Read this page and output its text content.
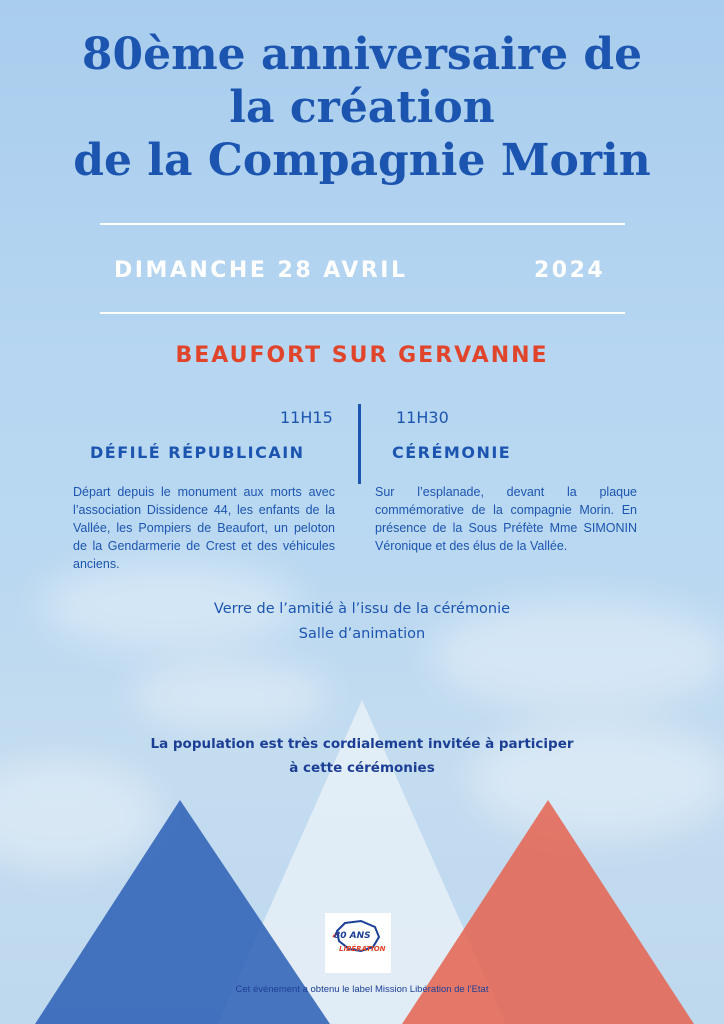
80ème anniversaire de
la création
de la Compagnie Morin
DIMANCHE 28 AVRIL	2024
BEAUFORT SUR GERVANNE
11H15	11H30
DÉFILÉ RÉPUBLICAIN	CÉRÉMONIE

Départ depuis le monument aux morts avec l’association Dissidence 44, les enfants de la Vallée, les Pompiers de Beaufort, un peloton de la Gendarmerie de Crest et des véhicules anciens.

Sur l’esplanade, devant la plaque commémorative de la compagnie Morin. En présence de la Sous Préfète Mme SIMONIN Véronique et des élus de la Vallée.

Verre de l’amitié à l’issu de la cérémonie
Salle d’animation
La population est très cordialement invitée à participer
à cette cérémonies
80 ANS
LIBÉRATION
Cet événement a obtenu le label Mission Libération de l’Etat
